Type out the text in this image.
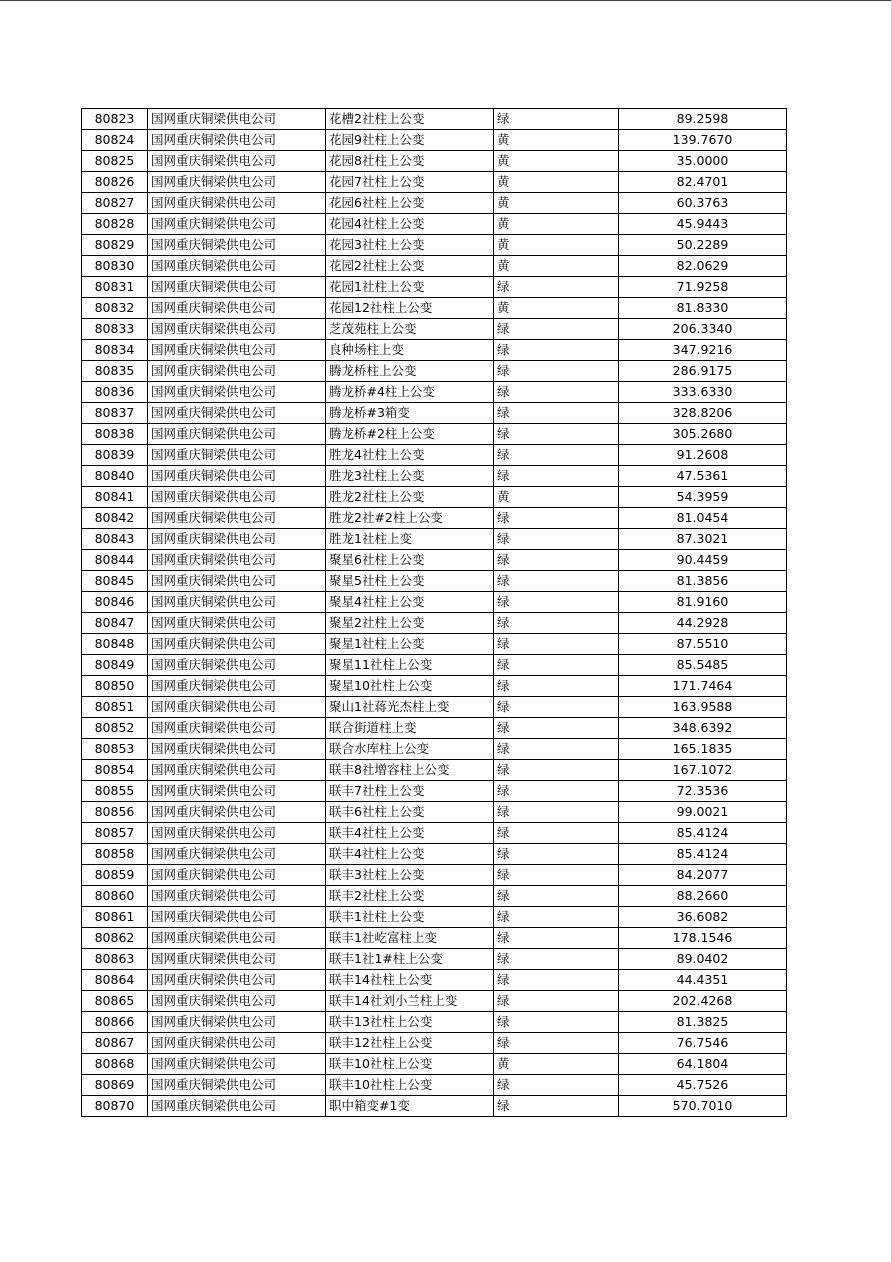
80823	国网重庆铜梁供电公司	花槽2社柱上公变	绿	89.2598
80824	国网重庆铜梁供电公司	花园9社柱上公变	黄	139.7670
80825	国网重庆铜梁供电公司	花园8社柱上公变	黄	35.0000
80826	国网重庆铜梁供电公司	花园7社柱上公变	黄	82.4701
80827	国网重庆铜梁供电公司	花园6社柱上公变	黄	60.3763
80828	国网重庆铜梁供电公司	花园4社柱上公变	黄	45.9443
80829	国网重庆铜梁供电公司	花园3社柱上公变	黄	50.2289
80830	国网重庆铜梁供电公司	花园2社柱上公变	黄	82.0629
80831	国网重庆铜梁供电公司	花园1社柱上公变	绿	71.9258
80832	国网重庆铜梁供电公司	花园12社柱上公变	黄	81.8330
80833	国网重庆铜梁供电公司	芝茂苑柱上公变	绿	206.3340
80834	国网重庆铜梁供电公司	良种场柱上变	绿	347.9216
80835	国网重庆铜梁供电公司	腾龙桥柱上公变	绿	286.9175
80836	国网重庆铜梁供电公司	腾龙桥#4柱上公变	绿	333.6330
80837	国网重庆铜梁供电公司	腾龙桥#3箱变	绿	328.8206
80838	国网重庆铜梁供电公司	腾龙桥#2柱上公变	绿	305.2680
80839	国网重庆铜梁供电公司	胜龙4社柱上公变	绿	91.2608
80840	国网重庆铜梁供电公司	胜龙3社柱上公变	绿	47.5361
80841	国网重庆铜梁供电公司	胜龙2社柱上公变	黄	54.3959
80842	国网重庆铜梁供电公司	胜龙2社#2柱上公变	绿	81.0454
80843	国网重庆铜梁供电公司	胜龙1社柱上变	绿	87.3021
80844	国网重庆铜梁供电公司	聚星6社柱上公变	绿	90.4459
80845	国网重庆铜梁供电公司	聚星5社柱上公变	绿	81.3856
80846	国网重庆铜梁供电公司	聚星4社柱上公变	绿	81.9160
80847	国网重庆铜梁供电公司	聚星2社柱上公变	绿	44.2928
80848	国网重庆铜梁供电公司	聚星1社柱上公变	绿	87.5510
80849	国网重庆铜梁供电公司	聚星11社柱上公变	绿	85.5485
80850	国网重庆铜梁供电公司	聚星10社柱上公变	绿	171.7464
80851	国网重庆铜梁供电公司	聚山1社蒋光杰柱上变	绿	163.9588
80852	国网重庆铜梁供电公司	联合街道柱上变	绿	348.6392
80853	国网重庆铜梁供电公司	联合水库柱上公变	绿	165.1835
80854	国网重庆铜梁供电公司	联丰8社增容柱上公变	绿	167.1072
80855	国网重庆铜梁供电公司	联丰7社柱上公变	绿	72.3536
80856	国网重庆铜梁供电公司	联丰6社柱上公变	绿	99.0021
80857	国网重庆铜梁供电公司	联丰4社柱上公变	绿	85.4124
80858	国网重庆铜梁供电公司	联丰4社柱上公变	绿	85.4124
80859	国网重庆铜梁供电公司	联丰3社柱上公变	绿	84.2077
80860	国网重庆铜梁供电公司	联丰2社柱上公变	绿	88.2660
80861	国网重庆铜梁供电公司	联丰1社柱上公变	绿	36.6082
80862	国网重庆铜梁供电公司	联丰1社屹富柱上变	绿	178.1546
80863	国网重庆铜梁供电公司	联丰1社1#柱上公变	绿	89.0402
80864	国网重庆铜梁供电公司	联丰14社柱上公变	绿	44.4351
80865	国网重庆铜梁供电公司	联丰14社刘小兰柱上变	绿	202.4268
80866	国网重庆铜梁供电公司	联丰13社柱上公变	绿	81.3825
80867	国网重庆铜梁供电公司	联丰12社柱上公变	绿	76.7546
80868	国网重庆铜梁供电公司	联丰10社柱上公变	黄	64.1804
80869	国网重庆铜梁供电公司	联丰10社柱上公变	绿	45.7526
80870	国网重庆铜梁供电公司	职中箱变#1变	绿	570.7010
